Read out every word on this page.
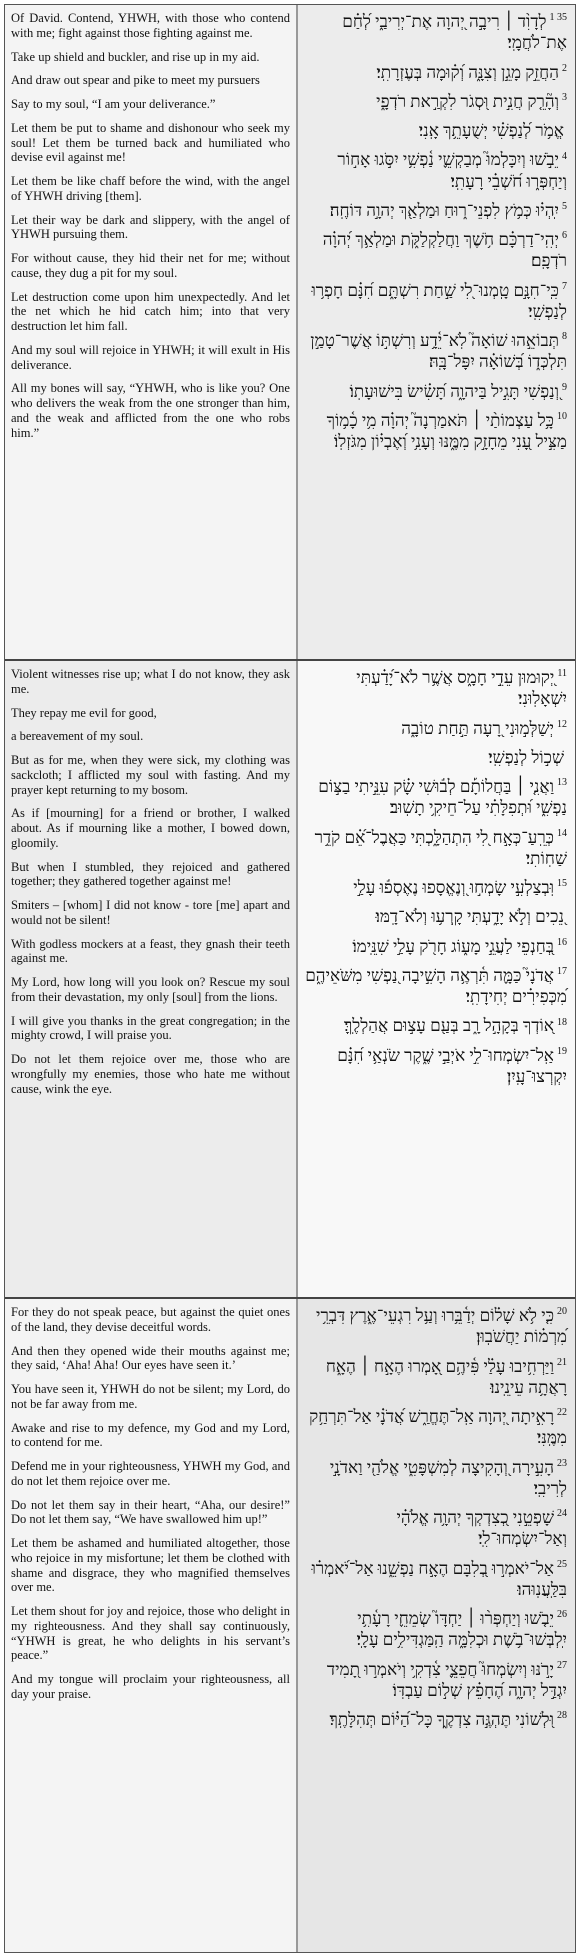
Of David. Contend, YHWH, with those who contend with me; fight against those fighting against me.

Take up shield and buckler, and rise up in my aid.

And draw out spear and pike to meet my pursuers

Say to my soul, “I am your deliverance.”

Let them be put to shame and dishonour who seek my soul! Let them be turned back and humiliated who devise evil against me!

Let them be like chaff before the wind, with the angel of YHWH driving [them].

Let their way be dark and slippery, with the angel of YHWH pursuing them.

For without cause, they hid their net for me; without cause, they dug a pit for my soul.

Let destruction come upon him unexpectedly. And let the net which he hid catch him; into that very destruction let him fall.

And my soul will rejoice in YHWH; it will exult in His deliverance.

All my bones will say, “YHWH, who is like you? One who delivers the weak from the one stronger than him, and the weak and afflicted from the one who robs him.”

$^{35 1}$לְדָוִ֨ד ׀ רִיבָ֣ה יְ֭הוָה אֶת־יְרִיבַ֑י לְ֝חַ֗ם אֶת־לֹחֲמָֽי׃

$^2$הַחֲזֵ֣ק מָגֵ֣ן וְצִנָּ֑ה וְ֝ק֗וּמָה בְּעֶזְרָתִֽי׃

$^3$וְהָ֘רֵ֤ק חֲנִ֣ית וּ֭סְגֹר לִקְרַ֣את רֹדְפָ֑י

אֱמֹ֥ר לְ֝נַפְשִׁ֗י יְשֻׁעָתֵ֥ךְ אָֽנִי׃

$^4$יֵבֹ֣שׁוּ וְיִכָּלְמוּ֮ מְבַקְשֵׁ֪י נַ֫פְשִׁ֥י יִסֹּ֣גוּ אָח֣וֹר וְיַחְפְּר֑וּ חֹ֝שְׁבֵ֗י רָעָתִֽי׃

$^5$יִֽהְי֗וּ כְּמֹ֥ץ לִפְנֵי־ר֑וּחַ וּמַלְאַ֖ךְ יְהוָ֣ה דּוֹחֶֽה׃

$^6$יְהִֽי־דַרְכָּ֗ם חֹ֥שֶׁךְ וַחֲלַקְלַקֹּ֑ת וּמַלְאַ֥ךְ יְ֝הוָ֗ה רֹדְפָֽם׃

$^7$כִּֽי־חִנָּ֣ם טָֽמְנוּ־לִ֭י שַׁ֣חַת רִשְׁתָּ֑ם חִ֝נָּ֗ם חָפְר֥וּ לְנַפְשִֽׁי׃

$^8$תְּבוֹאֵ֣הוּ שׁוֹאָה֮ לֹֽא־יֵ֫דָ֥ע וְרִשְׁתּ֣וֹ אֲשֶׁר־טָמַ֣ן תִּלְכְּד֑וֹ בְּ֝שׁוֹאָ֗ה יִפָּל־בָּֽהּ׃

$^9$וְ֭נַפְשִׁי תָּגִ֣יל בַּיהוָ֑ה תָּ֝שִׂ֗ישׂ בִּישׁוּעָתֽוֹ׃

$^{10}$כָּ֥ל עַצְמוֹתַ֨י ׀ תֹּאמַרְנָה֮ יְהוָ֗ה מִ֥י כָ֫מ֥וֹךָ מַצִּ֣יל עָ֭נִי מֵחָזָ֣ק מִמֶּ֑נּוּ וְעָנִ֥י וְ֝אֶבְי֗וֹן מִגֹּזְלֽוֹ׃

Violent witnesses rise up; what I do not know, they ask me.

They repay me evil for good,

a bereavement of my soul.

But as for me, when they were sick, my clothing was sackcloth; I afflicted my soul with fasting. And my prayer kept returning to my bosom.

As if [mourning] for a friend or brother, I walked about. As if mourning like a mother, I bowed down, gloomily.

But when I stumbled, they rejoiced and gathered together; they gathered together against me!

Smiters – [whom] I did not know - tore [me] apart and would not be silent!

With godless mockers at a feast, they gnash their teeth against me.

My Lord, how long will you look on? Rescue my soul from their devastation, my only [soul] from the lions.

I will give you thanks in the great congregation; in the mighty crowd, I will praise you.

Do not let them rejoice over me, those who are wrongfully my enemies, those who hate me without cause, wink the eye.

$^{11}$יְ֭קוּמוּן עֵדֵ֣י חָמָ֑ס אֲשֶׁ֥ר לֹא־יָ֝דַ֗עְתִּי יִשְׁאָלֽוּנִי׃

$^{12}$יְשַׁלְּמ֣וּנִי רָ֭עָה תַּ֣חַת טוֹבָ֑ה

שְׁכ֣וֹל לְנַפְשִֽׁי׃

$^{13}$וַאֲנִ֤י ׀ בַּחֲלוֹתָ֡ם לְב֬וּשִׁי שָׂ֗ק עִנֵּ֣יתִי בַצּ֣וֹם נַפְשִׁ֑י וּ֝תְפִלָּתִ֗י עַל־חֵיקִ֥י תָשֽׁוּב׃

$^{14}$כְּרֵֽעַ־כְּאָ֣ח לִ֭י הִתְהַלָּ֑כְתִּי כַּאֲבֶל־אֵ֝֗ם קֹדֵ֥ר שַׁחֽוֹתִי׃

$^{15}$וּֽבְצַלְעִ֣י שָׂמְח֣וּ וְ֭נֶאֱסָפוּ נֶאֶסְפ֬וּ עָלַ֣י

נֵ֭כִים וְלֹ֣א יָדַ֑עְתִּי קָֽרְע֥וּ וְלֹא־דָֽמּוּ׃

$^{16}$בְּ֭חַנְפֵי לַעֲגֵ֣י מָע֑וֹג חָרֹ֖ק עָלַ֣י שִׁנֵּֽימוֹ׃

$^{17}$אֲדֹנָי֮ כַּמָּ֪ה תִּ֫רְאֶ֥ה הָשִׁ֣יבָה נַ֭פְשִׁי מִשֹּׁאֵיהֶ֑ם מִ֝כְּפִירִ֗ים יְחִידָתִֽי׃

$^{18}$א֭וֹדְךָ בְּקָהָ֣ל רָ֑ב בְּעַ֖ם עָצ֣וּם אֲהַלְלֶֽךָּ׃

$^{19}$אַֽל־יִשְׂמְחוּ־לִ֣י אֹיְבַ֣י שֶׁ֑קֶר שֹׂנְאַ֥י חִ֝נָּ֗ם יִקְרְצוּ־עָֽיִן׃

For they do not speak peace, but against the quiet ones of the land, they devise deceitful words.

And then they opened wide their mouths against me; they said, ‘Aha! Aha! Our eyes have seen it.’

You have seen it, YHWH do not be silent; my Lord, do not be far away from me.

Awake and rise to my defence, my God and my Lord, to contend for me.

Defend me in your righteousness, YHWH my God, and do not let them rejoice over me.

Do not let them say in their heart, “Aha, our desire!” Do not let them say, “We have swallowed him up!”

Let them be ashamed and humiliated altogether, those who rejoice in my misfortune; let them be clothed with shame and disgrace, they who magnified themselves over me.

Let them shout for joy and rejoice, those who delight in my righteousness. And they shall say continuously, “YHWH is great, he who delights in his servant’s peace.”

And my tongue will proclaim your righteousness, all day your praise.

$^{20}$כִּ֤י לֹ֥א שָׁל֗וֹם יְדַ֫בֵּ֥רוּ וְעַ֥ל רִגְעֵי־אֶ֑רֶץ דִּבְרֵ֥י מִ֝רְמ֗וֹת יַחֲשֹׁבֽוּן׃

$^{21}$וַיַּרְחִ֥יבוּ עָלַ֗י פִּ֫יהֶ֥ם אָ֭מְרוּ הֶאָ֣ח ׀ הֶאָ֑ח רָאֲתָ֥ה עֵינֵֽינוּ׃

$^{22}$רָאִ֣יתָה יְ֭הוָה אַֽל־תֶּחֱרַ֑שׁ אֲ֝דֹנָ֗י אַל־תִּרְחַ֥ק מִמֶּֽנִּי׃

$^{23}$הָעִ֣ירָה וְ֭הָקִיצָה לְמִשְׁפָּטִ֑י אֱלֹהַ֖י וַאדֹנָ֣י לְרִיבִֽי׃

$^{24}$שָׁפְטֵ֣נִי כְ֭צִדְקְךָ יְהוָ֥ה אֱלֹהָ֗י וְאַל־יִשְׂמְחוּ־לִֽי׃

$^{25}$אַל־יֹאמְר֣וּ בְ֭לִבָּם הֶאָ֣ח נַפְשֵׁ֑נוּ אַל־יֹ֝אמְר֗וּ בִּלַּֽעֲנֽוּהוּ׃

$^{26}$יֵבֹ֤שׁוּ וְיַחְפְּר֨וּ ׀ יַחְדָּו֮ שְׂמֵחֵ֪י רָעָ֫תִ֥י יִֽלְבְּשׁוּ־בֹ֥שֶׁת וּכְלִמָּ֑ה הַֽמַּגְדִּילִ֥ים עָלָֽי׃

$^{27}$יָרֹ֣נּוּ וְיִשְׂמְחוּ֮ חֲפֵצֵ֪י צִ֫דְקִ֥י וְיֹאמְר֣וּ תָ֭מִיד יִגְדַּ֣ל יְהוָ֑ה הֶ֝חָפֵ֗ץ שְׁל֣וֹם עַבְדּֽוֹ׃

$^{28}$וּ֭לְשׁוֹנִי תֶּהְגֶּ֣ה צִדְקֶ֑ךָ כָּל־הַ֝יּ֗וֹם תְּהִלָּתֶֽךָ׃
